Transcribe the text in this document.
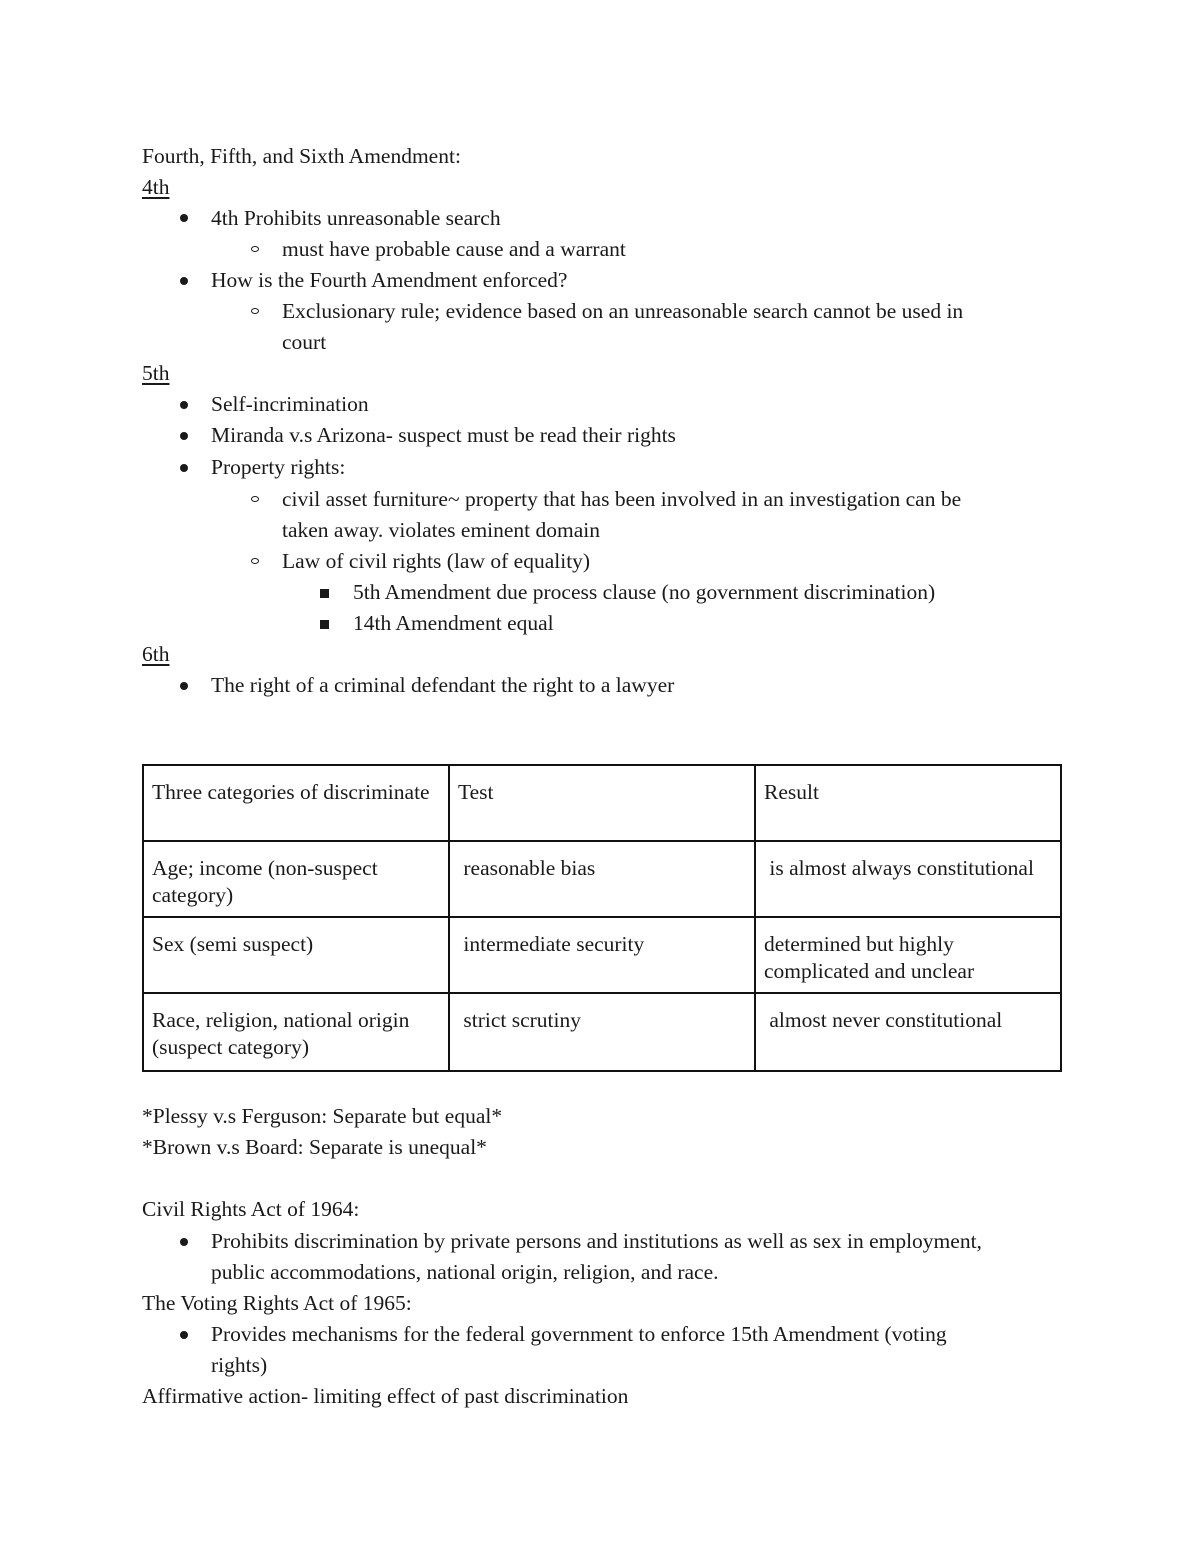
Fourth, Fifth, and Sixth Amendment:
4th
4th Prohibits unreasonable search
must have probable cause and a warrant
How is the Fourth Amendment enforced?
Exclusionary rule; evidence based on an unreasonable search cannot be used in
court
5th
Self-incrimination
Miranda v.s Arizona- suspect must be read their rights
Property rights:
civil asset furniture~ property that has been involved in an investigation can be
taken away. violates eminent domain
Law of civil rights (law of equality)
5th Amendment due process clause (no government discrimination)
14th Amendment equal
6th
The right of a criminal defendant the right to a lawyer
Three categories of discriminate	Test	Result
Age; income (non-suspect category)	reasonable bias	is almost always constitutional
Sex (semi suspect)	intermediate security	determined but highly complicated and unclear
Race, religion, national origin (suspect category)	strict scrutiny	almost never constitutional
*Plessy v.s Ferguson: Separate but equal*
*Brown v.s Board: Separate is unequal*
Civil Rights Act of 1964:
Prohibits discrimination by private persons and institutions as well as sex in employment,
public accommodations, national origin, religion, and race.
The Voting Rights Act of 1965:
Provides mechanisms for the federal government to enforce 15th Amendment (voting
rights)
Affirmative action- limiting effect of past discrimination
